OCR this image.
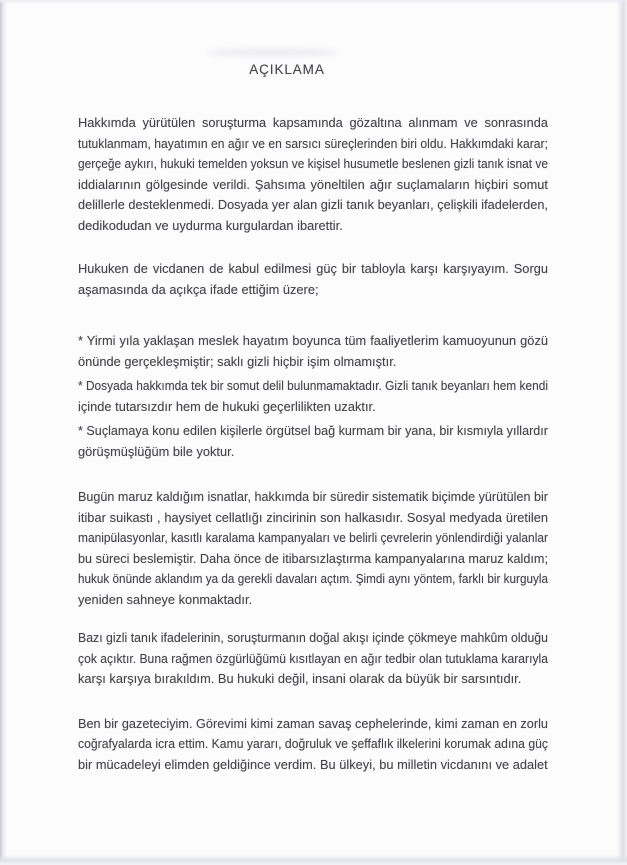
AÇIKLAMA
Hakkımda yürütülen soruşturma kapsamında gözaltına alınmam ve sonrasında
tutuklanmam, hayatımın en ağır ve en sarsıcı süreçlerinden biri oldu. Hakkımdaki karar;
gerçeğe aykırı, hukuki temelden yoksun ve kişisel husumetle beslenen gizli tanık isnat ve
iddialarının gölgesinde verildi. Şahsıma yöneltilen ağır suçlamaların hiçbiri somut
delillerle desteklenmedi. Dosyada yer alan gizli tanık beyanları, çelişkili ifadelerden,
dedikodudan ve uydurma kurgulardan ibarettir.
Hukuken de vicdanen de kabul edilmesi güç bir tabloyla karşı karşıyayım. Sorgu
aşamasında da açıkça ifade ettiğim üzere;
* Yirmi yıla yaklaşan meslek hayatım boyunca tüm faaliyetlerim kamuoyunun gözü
önünde gerçekleşmiştir; saklı gizli hiçbir işim olmamıştır.
* Dosyada hakkımda tek bir somut delil bulunmamaktadır. Gizli tanık beyanları hem kendi
içinde tutarsızdır hem de hukuki geçerlilikten uzaktır.
* Suçlamaya konu edilen kişilerle örgütsel bağ kurmam bir yana, bir kısmıyla yıllardır
görüşmüşlüğüm bile yoktur.
Bugün maruz kaldığım isnatlar, hakkımda bir süredir sistematik biçimde yürütülen bir
itibar suikastı , haysiyet cellatlığı zincirinin son halkasıdır. Sosyal medyada üretilen
manipülasyonlar, kasıtlı karalama kampanyaları ve belirli çevrelerin yönlendirdiği yalanlar
bu süreci beslemiştir. Daha önce de itibarsızlaştırma kampanyalarına maruz kaldım;
hukuk önünde aklandım ya da gerekli davaları açtım. Şimdi aynı yöntem, farklı bir kurguyla
yeniden sahneye konmaktadır.
Bazı gizli tanık ifadelerinin, soruşturmanın doğal akışı içinde çökmeye mahkûm olduğu
çok açıktır. Buna rağmen özgürlüğümü kısıtlayan en ağır tedbir olan tutuklama kararıyla
karşı karşıya bırakıldım. Bu hukuki değil, insani olarak da büyük bir sarsıntıdır.
Ben bir gazeteciyim. Görevimi kimi zaman savaş cephelerinde, kimi zaman en zorlu
coğrafyalarda icra ettim. Kamu yararı, doğruluk ve şeffaflık ilkelerini korumak adına güç
bir mücadeleyi elimden geldiğince verdim. Bu ülkeyi, bu milletin vicdanını ve adalet
